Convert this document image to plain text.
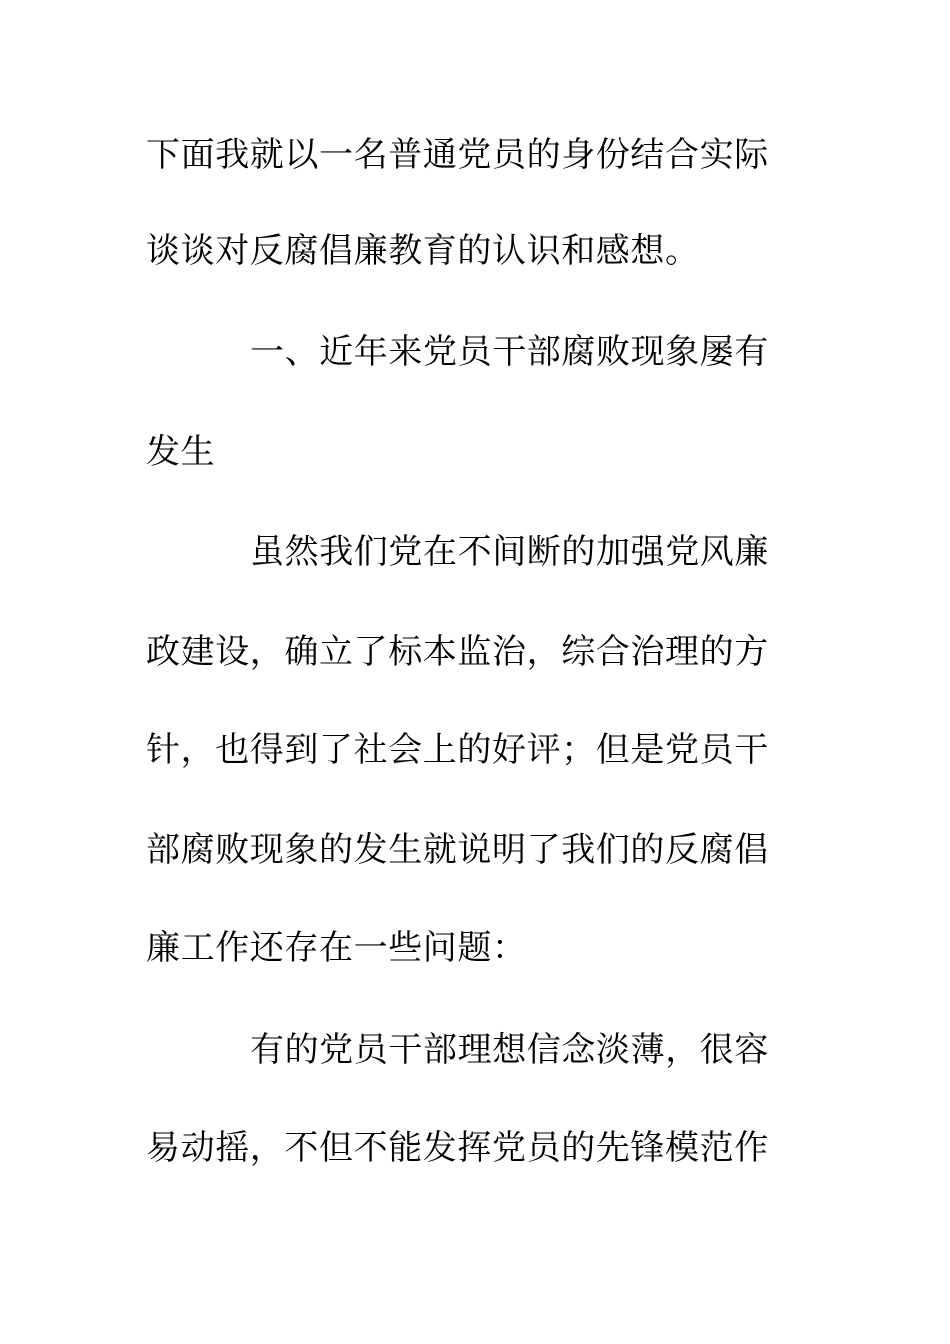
下面我就以一名普通党员的身份结合实际
谈谈对反腐倡廉教育的认识和感想。
一、近年来党员干部腐败现象屡有
发生
虽然我们党在不间断的加强党风廉
政建设，确立了标本监治，综合治理的方
针，也得到了社会上的好评；但是党员干
部腐败现象的发生就说明了我们的反腐倡
廉工作还存在一些问题：
有的党员干部理想信念淡薄，很容
易动摇，不但不能发挥党员的先锋模范作
